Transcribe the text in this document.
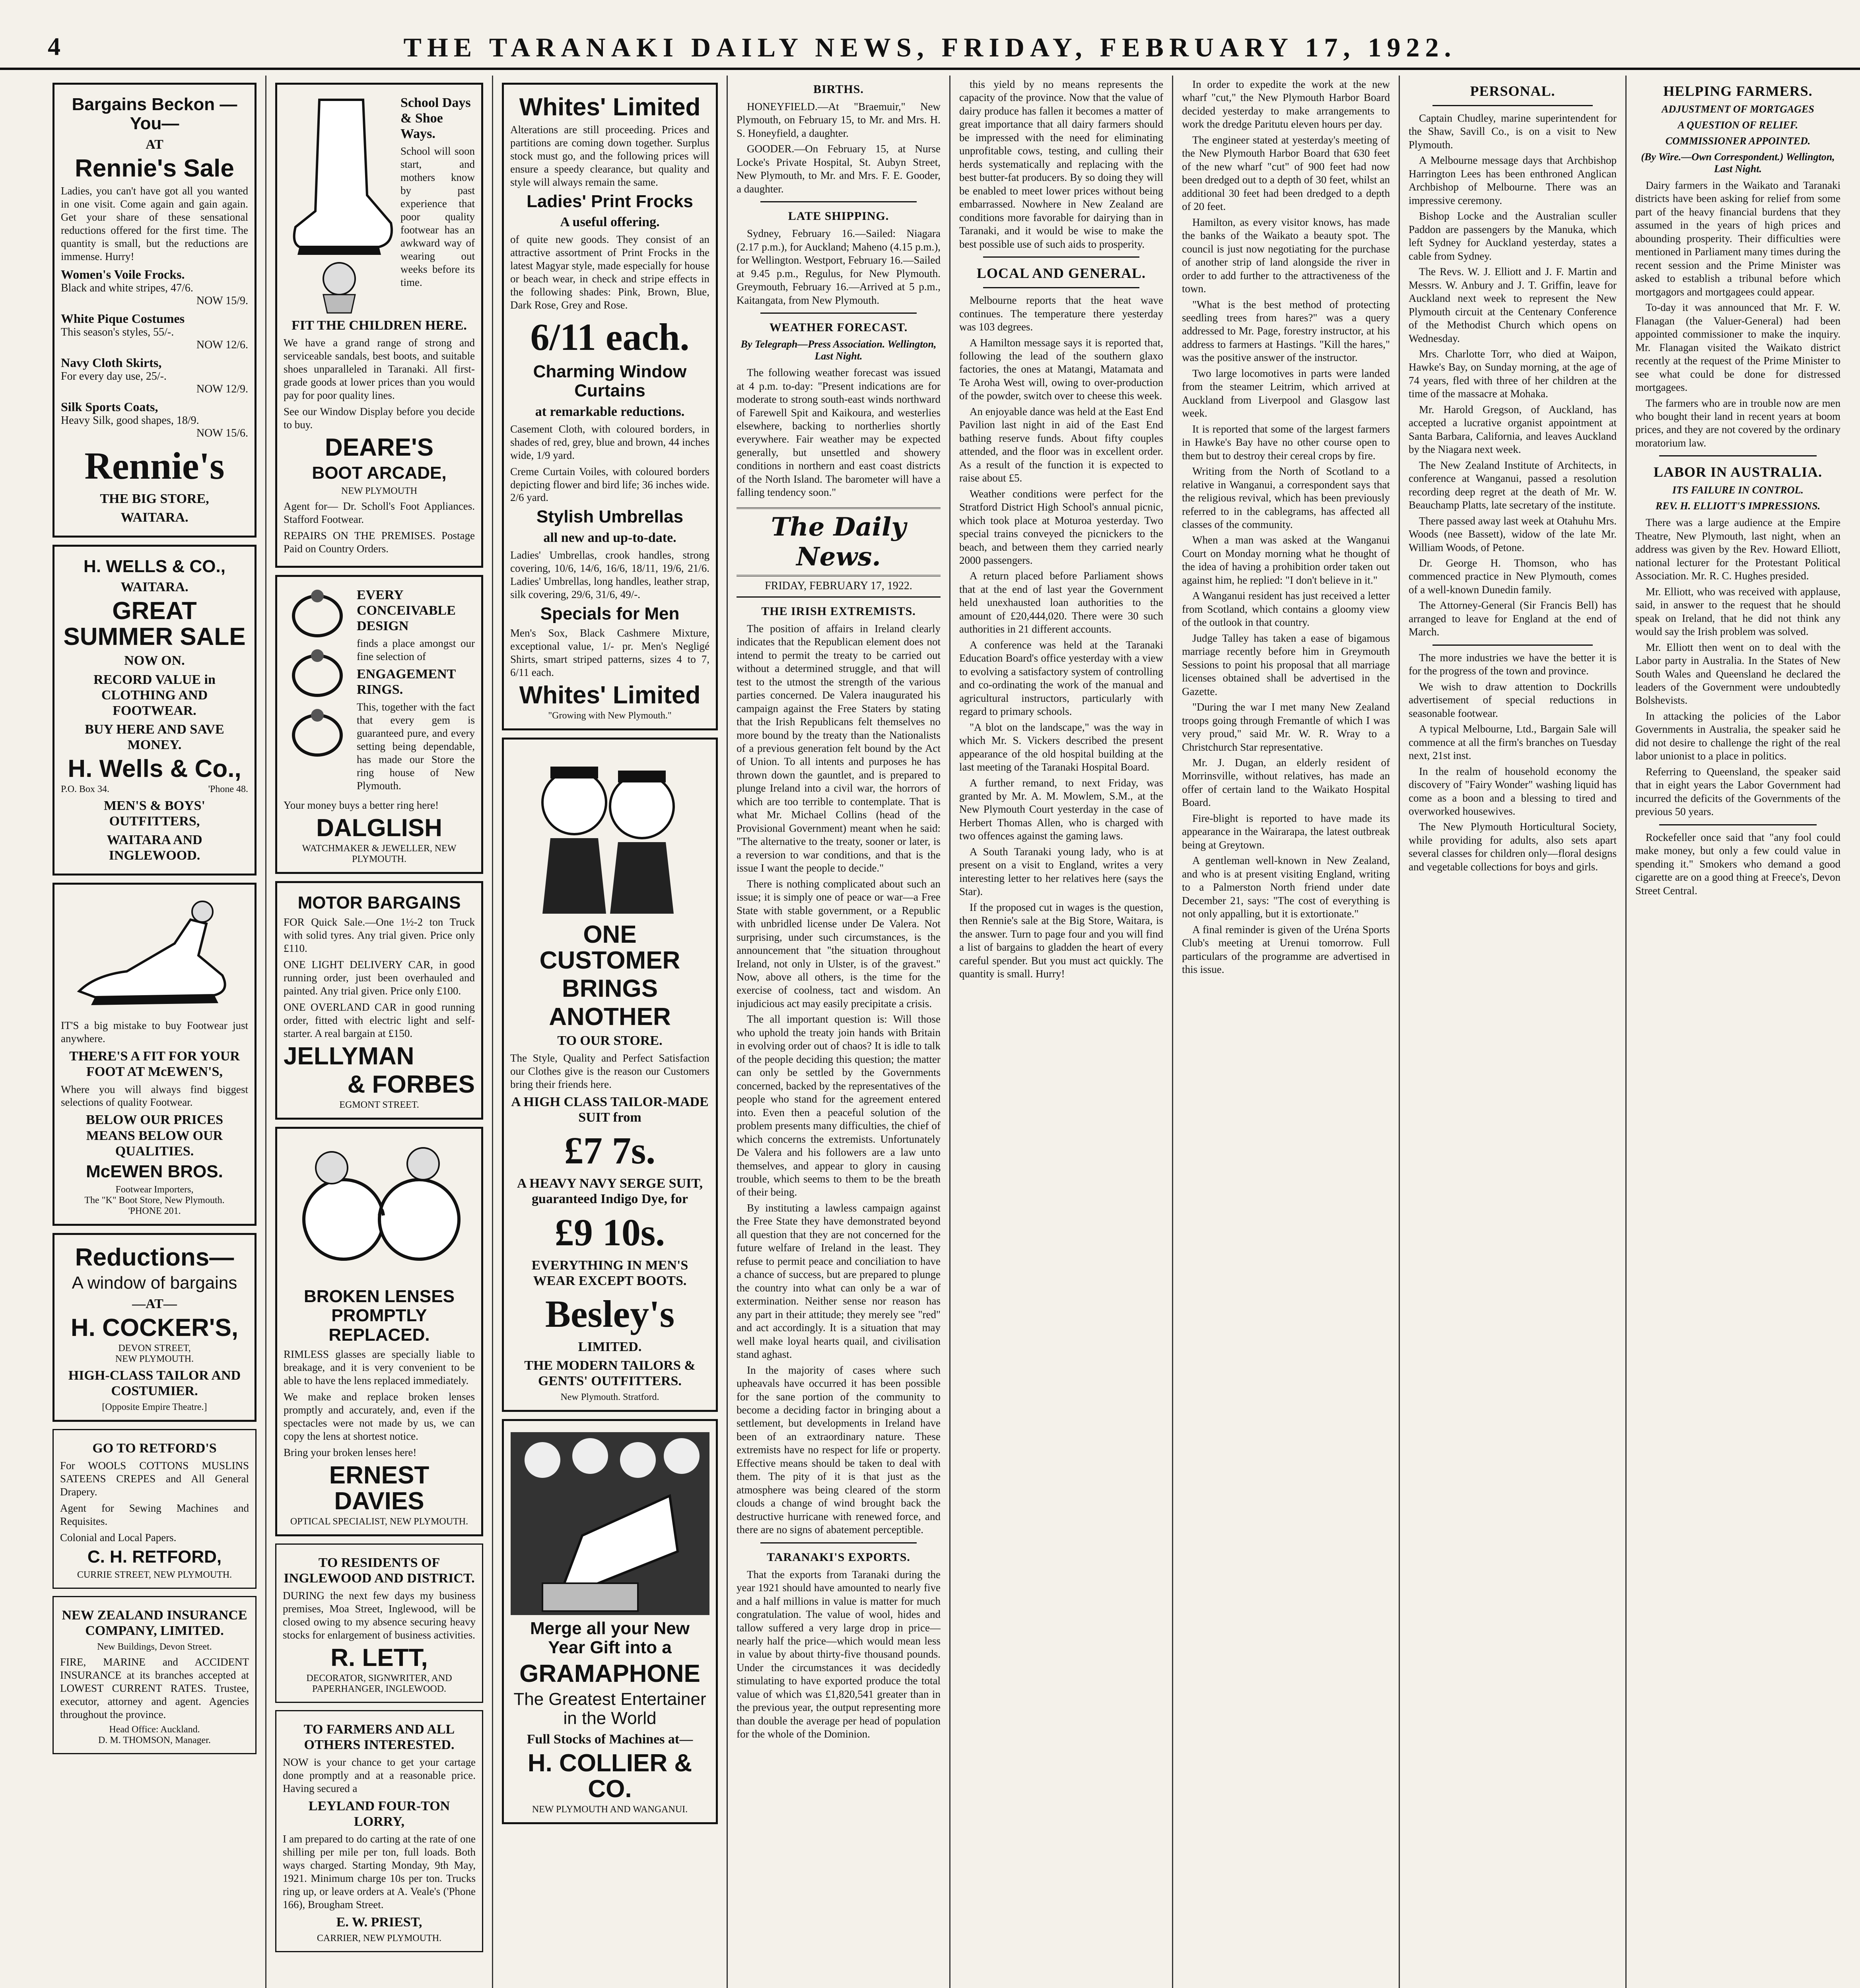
4	THE TARANAKI DAILY NEWS, FRIDAY, FEBRUARY 17, 1922.
Bargains Beckon —You—
AT
Rennie's Sale

Ladies, you can't have got all you wanted in one visit. Come again and gain again. Get your share of these sensational reductions offered for the first time. The quantity is small, but the reductions are immense. Hurry!

Women's Voile Frocks.
Black and white stripes, 47/6.
NOW 15/9.
White Pique Costumes
This season's styles, 55/-.
NOW 12/6.
Navy Cloth Skirts,
For every day use, 25/-.
NOW 12/9.
Silk Sports Coats,
Heavy Silk, good shapes, 18/9.
NOW 15/6.
Rennie's
THE BIG STORE,
WAITARA.
H. WELLS & CO.,
WAITARA.
GREAT SUMMER SALE
NOW ON.
RECORD VALUE in CLOTHING AND FOOTWEAR.
BUY HERE AND SAVE MONEY.
H. Wells & Co.,
P.O. Box 34.	'Phone 48.
MEN'S & BOYS' OUTFITTERS,
WAITARA AND INGLEWOOD.

IT'S a big mistake to buy Footwear just anywhere.

THERE'S A FIT FOR YOUR FOOT AT McEWEN'S,

Where you will always find biggest selections of quality Footwear.

BELOW OUR PRICES MEANS BELOW OUR QUALITIES.
McEWEN BROS.
Footwear Importers,
The "K" Boot Store, New Plymouth.
'PHONE 201.
Reductions—
A window of bargains
—AT—
H. COCKER'S,
DEVON STREET,
NEW PLYMOUTH.
HIGH-CLASS TAILOR AND COSTUMIER.
[Opposite Empire Theatre.]
GO TO RETFORD'S

For WOOLS COTTONS MUSLINS SATEENS CREPES and All General Drapery.

Agent for Sewing Machines and Requisites.

Colonial and Local Papers.

C. H. RETFORD,
CURRIE STREET, NEW PLYMOUTH.
NEW ZEALAND INSURANCE COMPANY, LIMITED.
New Buildings, Devon Street.

FIRE, MARINE and ACCIDENT INSURANCE at its branches accepted at LOWEST CURRENT RATES. Trustee, executor, attorney and agent. Agencies throughout the province.

Head Office: Auckland.
D. M. THOMSON, Manager.
School Days & Shoe Ways.

School will soon start, and mothers know by past experience that poor quality footwear has an awkward way of wearing out weeks before its time.

FIT THE CHILDREN HERE.

We have a grand range of strong and serviceable sandals, best boots, and suitable shoes unparalleled in Taranaki. All first-grade goods at lower prices than you would pay for poor quality lines.

See our Window Display before you decide to buy.

DEARE'S
BOOT ARCADE,
NEW PLYMOUTH

Agent for— Dr. Scholl's Foot Appliances. Stafford Footwear.

REPAIRS ON THE PREMISES. Postage Paid on Country Orders.

EVERY CONCEIVABLE DESIGN

finds a place amongst our fine selection of

ENGAGEMENT RINGS.

This, together with the fact that every gem is guaranteed pure, and every setting being dependable, has made our Store the ring house of New Plymouth.

Your money buys a better ring here!

DALGLISH
WATCHMAKER & JEWELLER, NEW PLYMOUTH.
MOTOR BARGAINS

FOR Quick Sale.—One 1½-2 ton Truck with solid tyres. Any trial given. Price only £110.

ONE LIGHT DELIVERY CAR, in good running order, just been overhauled and painted. Any trial given. Price only £100.

ONE OVERLAND CAR in good running order, fitted with electric light and self-starter. A real bargain at £150.

JELLYMAN
& FORBES
EGMONT STREET.
BROKEN LENSES PROMPTLY REPLACED.

RIMLESS glasses are specially liable to breakage, and it is very convenient to be able to have the lens replaced immediately.

We make and replace broken lenses promptly and accurately, and, even if the spectacles were not made by us, we can copy the lens at shortest notice.

Bring your broken lenses here!

ERNEST DAVIES
OPTICAL SPECIALIST, NEW PLYMOUTH.
TO RESIDENTS OF INGLEWOOD AND DISTRICT.

DURING the next few days my business premises, Moa Street, Inglewood, will be closed owing to my absence securing heavy stocks for enlargement of business activities.

R. LETT,
DECORATOR, SIGNWRITER, AND PAPERHANGER, INGLEWOOD.
TO FARMERS AND ALL OTHERS INTERESTED.

NOW is your chance to get your cartage done promptly and at a reasonable price. Having secured a

LEYLAND FOUR-TON LORRY,

I am prepared to do carting at the rate of one shilling per mile per ton, full loads. Both ways charged. Starting Monday, 9th May, 1921. Minimum charge 10s per ton. Trucks ring up, or leave orders at A. Veale's ('Phone 166), Brougham Street.

E. W. PRIEST,
CARRIER, NEW PLYMOUTH.
Whites' Limited

Alterations are still proceeding. Prices and partitions are coming down together. Surplus stock must go, and the following prices will ensure a speedy clearance, but quality and style will always remain the same.

Ladies' Print Frocks
A useful offering.

of quite new goods. They consist of an attractive assortment of Print Frocks in the latest Magyar style, made especially for house or beach wear, in check and stripe effects in the following shades: Pink, Brown, Blue, Dark Rose, Grey and Rose.

6/11 each.
Charming Window Curtains
at remarkable reductions.

Casement Cloth, with coloured borders, in shades of red, grey, blue and brown, 44 inches wide, 1/9 yard.

Creme Curtain Voiles, with coloured borders depicting flower and bird life; 36 inches wide. 2/6 yard.

Stylish Umbrellas
all new and up-to-date.

Ladies' Umbrellas, crook handles, strong covering, 10/6, 14/6, 16/6, 18/11, 19/6, 21/6. Ladies' Umbrellas, long handles, leather strap, silk covering, 29/6, 31/6, 49/-.

Specials for Men

Men's Sox, Black Cashmere Mixture, exceptional value, 1/- pr. Men's Negligé Shirts, smart striped patterns, sizes 4 to 7, 6/11 each.

Whites' Limited
"Growing with New Plymouth."
ONE CUSTOMER
BRINGS
ANOTHER
TO OUR STORE.

The Style, Quality and Perfect Satisfaction our Clothes give is the reason our Customers bring their friends here.

A HIGH CLASS TAILOR-MADE SUIT from
£7 7s.
A HEAVY NAVY SERGE SUIT, guaranteed Indigo Dye, for
£9 10s.
EVERYTHING IN MEN'S WEAR EXCEPT BOOTS.
Besley's
LIMITED.
THE MODERN TAILORS & GENTS' OUTFITTERS.
New Plymouth. Stratford.
Merge all your New Year Gift into a
GRAMAPHONE
The Greatest Entertainer in the World
Full Stocks of Machines at—
H. COLLIER & CO.
NEW PLYMOUTH AND WANGANUI.
BIRTHS.

HONEYFIELD.—At "Braemuir," New Plymouth, on February 15, to Mr. and Mrs. H. S. Honeyfield, a daughter.

GOODER.—On February 15, at Nurse Locke's Private Hospital, St. Aubyn Street, New Plymouth, to Mr. and Mrs. F. E. Gooder, a daughter.

LATE SHIPPING.

Sydney, February 16.—Sailed: Niagara (2.17 p.m.), for Auckland; Maheno (4.15 p.m.), for Wellington. Westport, February 16.—Sailed at 9.45 p.m., Regulus, for New Plymouth. Greymouth, February 16.—Arrived at 5 p.m., Kaitangata, from New Plymouth.

WEATHER FORECAST.
By Telegraph—Press Association. Wellington, Last Night.

The following weather forecast was issued at 4 p.m. to-day: "Present indications are for moderate to strong south-east winds northward of Farewell Spit and Kaikoura, and westerlies elsewhere, backing to northerlies shortly everywhere. Fair weather may be expected generally, but unsettled and showery conditions in northern and east coast districts of the North Island. The barometer will have a falling tendency soon."

The Daily News.
FRIDAY, FEBRUARY 17, 1922.
THE IRISH EXTREMISTS.

The position of affairs in Ireland clearly indicates that the Republican element does not intend to permit the treaty to be carried out without a determined struggle, and that will test to the utmost the strength of the various parties concerned. De Valera inaugurated his campaign against the Free Staters by stating that the Irish Republicans felt themselves no more bound by the treaty than the Nationalists of a previous generation felt bound by the Act of Union. To all intents and purposes he has thrown down the gauntlet, and is prepared to plunge Ireland into a civil war, the horrors of which are too terrible to contemplate. That is what Mr. Michael Collins (head of the Provisional Government) meant when he said: "The alternative to the treaty, sooner or later, is a reversion to war conditions, and that is the issue I want the people to decide."

There is nothing complicated about such an issue; it is simply one of peace or war—a Free State with stable government, or a Republic with unbridled license under De Valera. Not surprising, under such circumstances, is the announcement that "the situation throughout Ireland, not only in Ulster, is of the gravest." Now, above all others, is the time for the exercise of coolness, tact and wisdom. An injudicious act may easily precipitate a crisis.

The all important question is: Will those who uphold the treaty join hands with Britain in evolving order out of chaos? It is idle to talk of the people deciding this question; the matter can only be settled by the Governments concerned, backed by the representatives of the people who stand for the agreement entered into. Even then a peaceful solution of the problem presents many difficulties, the chief of which concerns the extremists. Unfortunately De Valera and his followers are a law unto themselves, and appear to glory in causing trouble, which seems to them to be the breath of their being.

By instituting a lawless campaign against the Free State they have demonstrated beyond all question that they are not concerned for the future welfare of Ireland in the least. They refuse to permit peace and conciliation to have a chance of success, but are prepared to plunge the country into what can only be a war of extermination. Neither sense nor reason has any part in their attitude; they merely see "red" and act accordingly. It is a situation that may well make loyal hearts quail, and civilisation stand aghast.

In the majority of cases where such upheavals have occurred it has been possible for the sane portion of the community to become a deciding factor in bringing about a settlement, but developments in Ireland have been of an extraordinary nature. These extremists have no respect for life or property. Effective means should be taken to deal with them. The pity of it is that just as the atmosphere was being cleared of the storm clouds a change of wind brought back the destructive hurricane with renewed force, and there are no signs of abatement perceptible.

TARANAKI'S EXPORTS.

That the exports from Taranaki during the year 1921 should have amounted to nearly five and a half millions in value is matter for much congratulation. The value of wool, hides and tallow suffered a very large drop in price—nearly half the price—which would mean less in value by about thirty-five thousand pounds. Under the circumstances it was decidedly stimulating to have exported produce the total value of which was £1,820,541 greater than in the previous year, the output representing more than double the average per head of population for the whole of the Dominion.

this yield by no means represents the capacity of the province. Now that the value of dairy produce has fallen it becomes a matter of great importance that all dairy farmers should be impressed with the need for eliminating unprofitable cows, testing, and culling their herds systematically and replacing with the best butter-fat producers. By so doing they will be enabled to meet lower prices without being embarrassed. Nowhere in New Zealand are conditions more favorable for dairying than in Taranaki, and it would be wise to make the best possible use of such aids to prosperity.

LOCAL AND GENERAL.

Melbourne reports that the heat wave continues. The temperature there yesterday was 103 degrees.

A Hamilton message says it is reported that, following the lead of the southern glaxo factories, the ones at Matangi, Matamata and Te Aroha West will, owing to over-production of the powder, switch over to cheese this week.

An enjoyable dance was held at the East End Pavilion last night in aid of the East End bathing reserve funds. About fifty couples attended, and the floor was in excellent order. As a result of the function it is expected to raise about £5.

Weather conditions were perfect for the Stratford District High School's annual picnic, which took place at Moturoa yesterday. Two special trains conveyed the picnickers to the beach, and between them they carried nearly 2000 passengers.

A return placed before Parliament shows that at the end of last year the Government held unexhausted loan authorities to the amount of £20,444,020. There were 30 such authorities in 21 different accounts.

A conference was held at the Taranaki Education Board's office yesterday with a view to evolving a satisfactory system of controlling and co-ordinating the work of the manual and agricultural instructors, particularly with regard to primary schools.

"A blot on the landscape," was the way in which Mr. S. Vickers described the present appearance of the old hospital building at the last meeting of the Taranaki Hospital Board.

A further remand, to next Friday, was granted by Mr. A. M. Mowlem, S.M., at the New Plymouth Court yesterday in the case of Herbert Thomas Allen, who is charged with two offences against the gaming laws.

A South Taranaki young lady, who is at present on a visit to England, writes a very interesting letter to her relatives here (says the Star).

If the proposed cut in wages is the question, then Rennie's sale at the Big Store, Waitara, is the answer. Turn to page four and you will find a list of bargains to gladden the heart of every careful spender. But you must act quickly. The quantity is small. Hurry!

In order to expedite the work at the new wharf "cut," the New Plymouth Harbor Board decided yesterday to make arrangements to work the dredge Paritutu eleven hours per day.

The engineer stated at yesterday's meeting of the New Plymouth Harbor Board that 630 feet of the new wharf "cut" of 900 feet had now been dredged out to a depth of 30 feet, whilst an additional 30 feet had been dredged to a depth of 20 feet.

Hamilton, as every visitor knows, has made the banks of the Waikato a beauty spot. The council is just now negotiating for the purchase of another strip of land alongside the river in order to add further to the attractiveness of the town.

"What is the best method of protecting seedling trees from hares?" was a query addressed to Mr. Page, forestry instructor, at his address to farmers at Hastings. "Kill the hares," was the positive answer of the instructor.

Two large locomotives in parts were landed from the steamer Leitrim, which arrived at Auckland from Liverpool and Glasgow last week.

It is reported that some of the largest farmers in Hawke's Bay have no other course open to them but to destroy their cereal crops by fire.

Writing from the North of Scotland to a relative in Wanganui, a correspondent says that the religious revival, which has been previously referred to in the cablegrams, has affected all classes of the community.

When a man was asked at the Wanganui Court on Monday morning what he thought of the idea of having a prohibition order taken out against him, he replied: "I don't believe in it."

A Wanganui resident has just received a letter from Scotland, which contains a gloomy view of the outlook in that country.

Judge Talley has taken a ease of bigamous marriage recently before him in Greymouth Sessions to point his proposal that all marriage licenses obtained shall be advertised in the Gazette.

"During the war I met many New Zealand troops going through Fremantle of which I was very proud," said Mr. W. R. Wray to a Christchurch Star representative.

Mr. J. Dugan, an elderly resident of Morrinsville, without relatives, has made an offer of certain land to the Waikato Hospital Board.

Fire-blight is reported to have made its appearance in the Wairarapa, the latest outbreak being at Greytown.

A gentleman well-known in New Zealand, and who is at present visiting England, writing to a Palmerston North friend under date December 21, says: "The cost of everything is not only appalling, but it is extortionate."

A final reminder is given of the Uréna Sports Club's meeting at Urenui tomorrow. Full particulars of the programme are advertised in this issue.

PERSONAL.

Captain Chudley, marine superintendent for the Shaw, Savill Co., is on a visit to New Plymouth.

A Melbourne message days that Archbishop Harrington Lees has been enthroned Anglican Archbishop of Melbourne. There was an impressive ceremony.

Bishop Locke and the Australian sculler Paddon are passengers by the Manuka, which left Sydney for Auckland yesterday, states a cable from Sydney.

The Revs. W. J. Elliott and J. F. Martin and Messrs. W. Anbury and J. T. Griffin, leave for Auckland next week to represent the New Plymouth circuit at the Centenary Conference of the Methodist Church which opens on Wednesday.

Mrs. Charlotte Torr, who died at Waipon, Hawke's Bay, on Sunday morning, at the age of 74 years, fled with three of her children at the time of the massacre at Mohaka.

Mr. Harold Gregson, of Auckland, has accepted a lucrative organist appointment at Santa Barbara, California, and leaves Auckland by the Niagara next week.

The New Zealand Institute of Architects, in conference at Wanganui, passed a resolution recording deep regret at the death of Mr. W. Beauchamp Platts, late secretary of the institute.

There passed away last week at Otahuhu Mrs. Woods (nee Bassett), widow of the late Mr. William Woods, of Petone.

Dr. George H. Thomson, who has commenced practice in New Plymouth, comes of a well-known Dunedin family.

The Attorney-General (Sir Francis Bell) has arranged to leave for England at the end of March.

The more industries we have the better it is for the progress of the town and province.

We wish to draw attention to Dockrills advertisement of special reductions in seasonable footwear.

A typical Melbourne, Ltd., Bargain Sale will commence at all the firm's branches on Tuesday next, 21st inst.

In the realm of household economy the discovery of "Fairy Wonder" washing liquid has come as a boon and a blessing to tired and overworked housewives.

The New Plymouth Horticultural Society, while providing for adults, also sets apart several classes for children only—floral designs and vegetable collections for boys and girls.

HELPING FARMERS.
ADJUSTMENT OF MORTGAGES
A QUESTION OF RELIEF.
COMMISSIONER APPOINTED.
(By Wire.—Own Correspondent.) Wellington, Last Night.

Dairy farmers in the Waikato and Taranaki districts have been asking for relief from some part of the heavy financial burdens that they assumed in the years of high prices and abounding prosperity. Their difficulties were mentioned in Parliament many times during the recent session and the Prime Minister was asked to establish a tribunal before which mortgagors and mortgagees could appear.

To-day it was announced that Mr. F. W. Flanagan (the Valuer-General) had been appointed commissioner to make the inquiry. Mr. Flanagan visited the Waikato district recently at the request of the Prime Minister to see what could be done for distressed mortgagees.

The farmers who are in trouble now are men who bought their land in recent years at boom prices, and they are not covered by the ordinary moratorium law.

LABOR IN AUSTRALIA.
ITS FAILURE IN CONTROL.
REV. H. ELLIOTT'S IMPRESSIONS.

There was a large audience at the Empire Theatre, New Plymouth, last night, when an address was given by the Rev. Howard Elliott, national lecturer for the Protestant Political Association. Mr. R. C. Hughes presided.

Mr. Elliott, who was received with applause, said, in answer to the request that he should speak on Ireland, that he did not think any would say the Irish problem was solved.

Mr. Elliott then went on to deal with the Labor party in Australia. In the States of New South Wales and Queensland he declared the leaders of the Government were undoubtedly Bolshevists.

In attacking the policies of the Labor Governments in Australia, the speaker said he did not desire to challenge the right of the real labor unionist to a place in politics.

Referring to Queensland, the speaker said that in eight years the Labor Government had incurred the deficits of the Governments of the previous 50 years.

Rockefeller once said that "any fool could make money, but only a few could value in spending it." Smokers who demand a good cigarette are on a good thing at Freece's, Devon Street Central.
